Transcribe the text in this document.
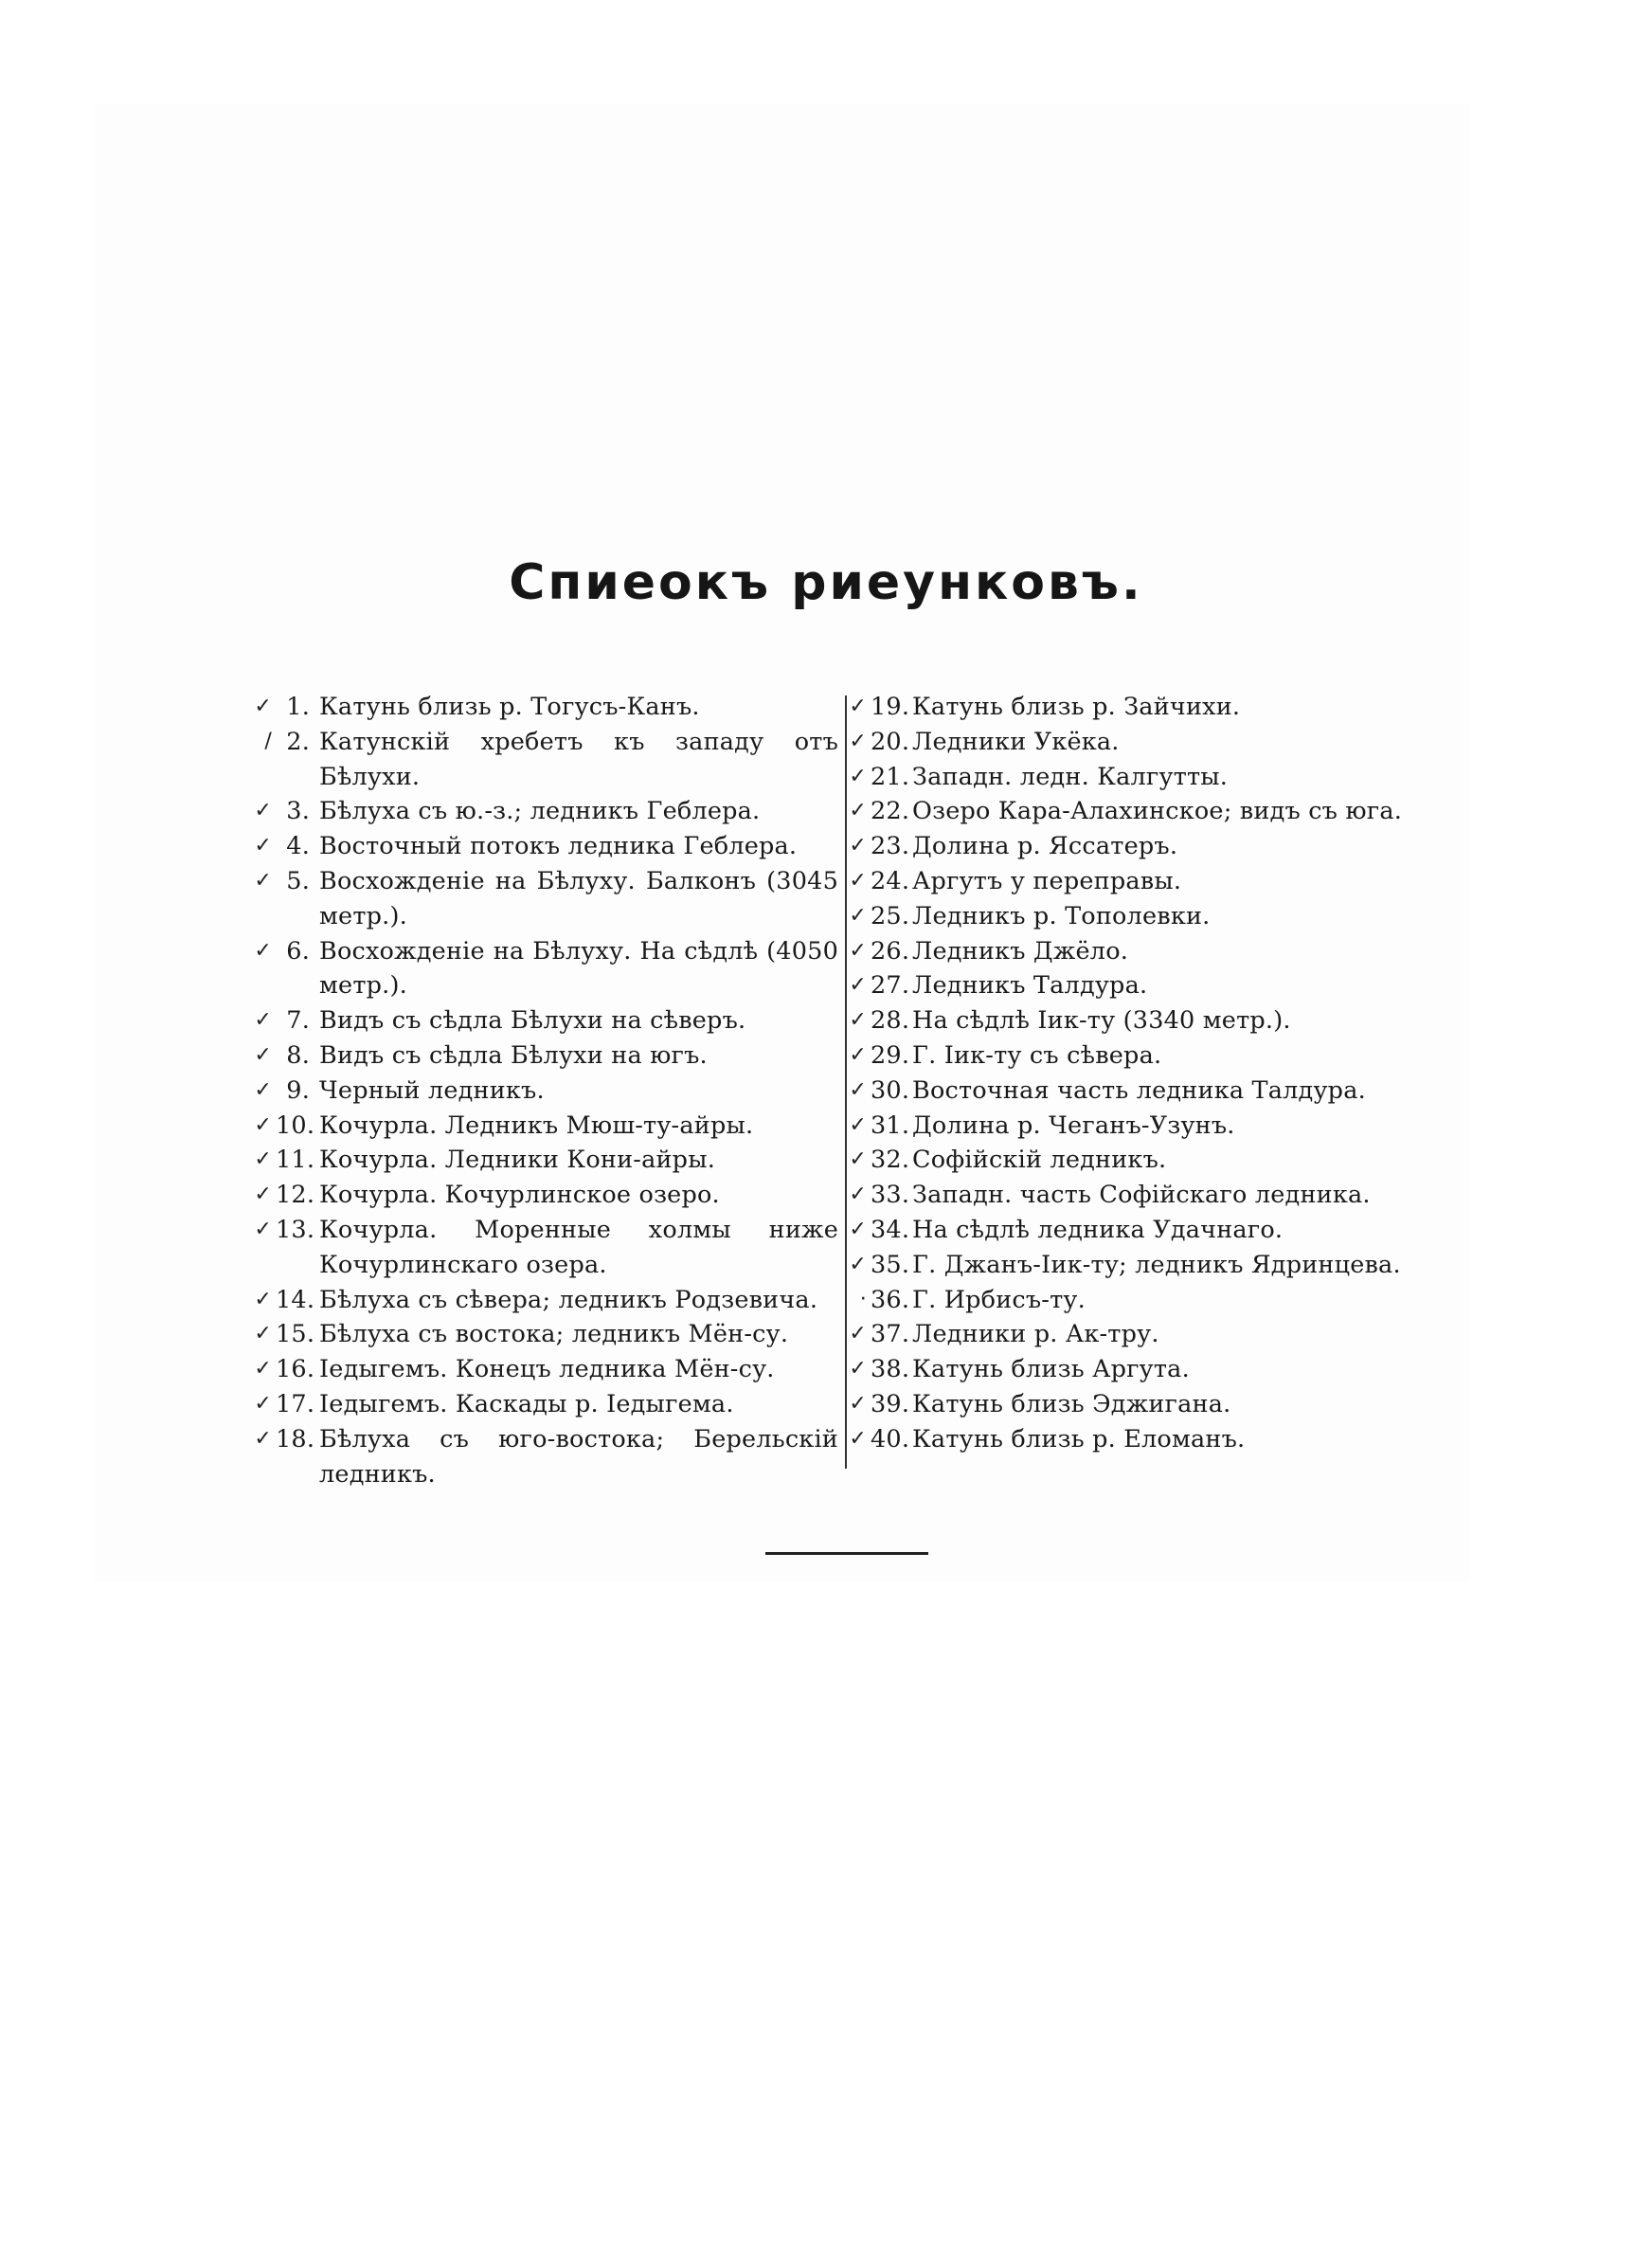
Спиеокъ риеунковъ.
✓ 1. Катунь близь р. Тогусъ-Канъ.
/ 2. Катунскій хребетъ къ западу отъ Бѣлухи.
✓ 3. Бѣлуха съ ю.-з.; ледникъ Геблера.
✓ 4. Восточный потокъ ледника Геблера.
✓ 5. Восхожденіе на Бѣлуху. Балконъ (3045 метр.).
✓ 6. Восхожденіе на Бѣлуху. На сѣдлѣ (4050 метр.).
✓ 7. Видъ съ сѣдла Бѣлухи на сѣверъ.
✓ 8. Видъ съ сѣдла Бѣлухи на югъ.
✓ 9. Черный ледникъ.
✓ 10. Кочурла. Ледникъ Мюш-ту-айры.
✓ 11. Кочурла. Ледники Кони-айры.
✓ 12. Кочурла. Кочурлинское озеро.
✓ 13. Кочурла. Моренные холмы ниже Кочурлинскаго озера.
✓ 14. Бѣлуха съ сѣвера; ледникъ Родзевича.
✓ 15. Бѣлуха съ востока; ледникъ Мён-су.
✓ 16. Іедыгемъ. Конецъ ледника Мён-су.
✓ 17. Іедыгемъ. Каскады р. Іедыгема.
✓ 18. Бѣлуха съ юго-востока; Берельскій ледникъ.
✓ 19. Катунь близь р. Зайчихи.
✓ 20. Ледники Укёка.
✓ 21. Западн. ледн. Калгутты.
✓ 22. Озеро Кара-Алахинское; видъ съ юга.
✓ 23. Долина р. Яссатеръ.
✓ 24. Аргутъ у переправы.
✓ 25. Ледникъ р. Тополевки.
✓ 26. Ледникъ Джёло.
✓ 27. Ледникъ Талдура.
✓ 28. На сѣдлѣ Іик-ту (3340 метр.).
✓ 29. Г. Іик-ту съ сѣвера.
✓ 30. Восточная часть ледника Талдура.
✓ 31. Долина р. Чеганъ-Узунъ.
✓ 32. Софійскій ледникъ.
✓ 33. Западн. часть Софійскаго ледника.
✓ 34. На сѣдлѣ ледника Удачнаго.
✓ 35. Г. Джанъ-Іик-ту; ледникъ Ядринцева.
· 36. Г. Ирбисъ-ту.
✓ 37. Ледники р. Ак-тру.
✓ 38. Катунь близь Аргута.
✓ 39. Катунь близь Эджигана.
✓ 40. Катунь близь р. Еломанъ.
